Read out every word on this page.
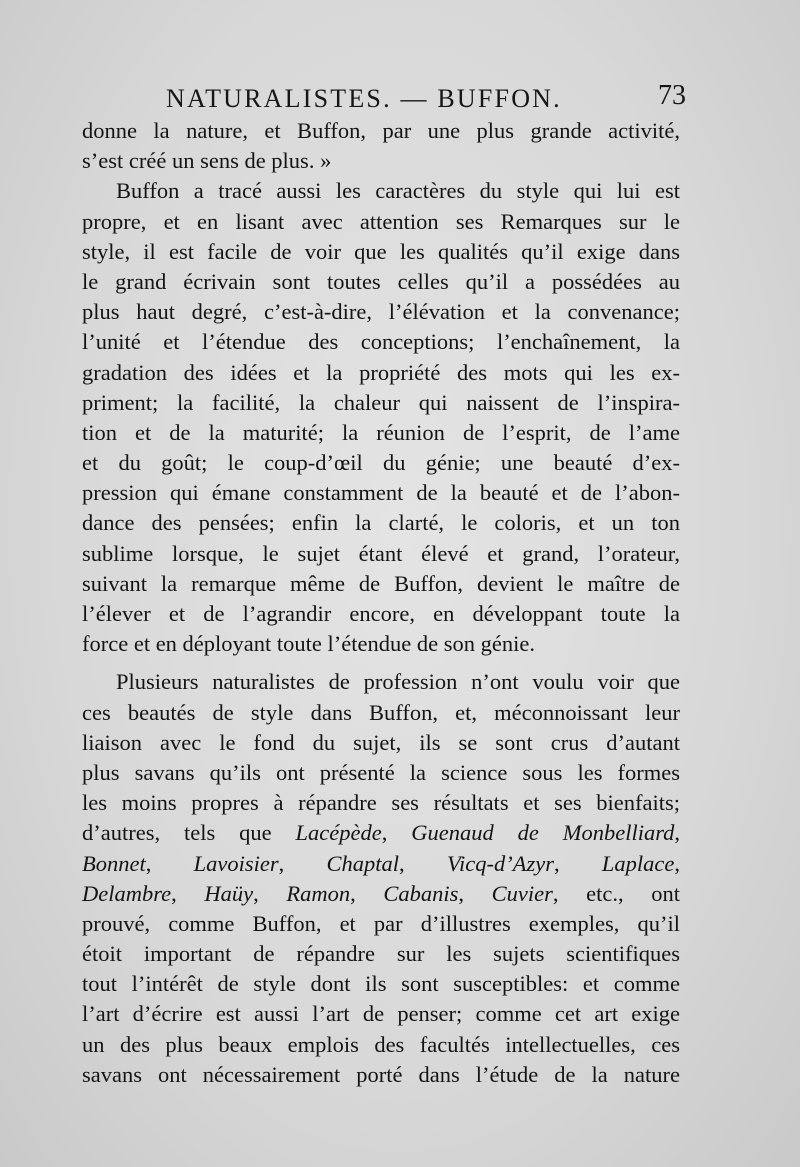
NATURALISTES. — BUFFON.	73
donne la nature, et Buffon, par une plus grande activité,
s’est créé un sens de plus. »
Buffon a tracé aussi les caractères du style qui lui est
propre, et en lisant avec attention ses Remarques sur le
style, il est facile de voir que les qualités qu’il exige dans
le grand écrivain sont toutes celles qu’il a possédées au
plus haut degré, c’est-à-dire, l’élévation et la convenance;
l’unité et l’étendue des conceptions; l’enchaînement, la
gradation des idées et la propriété des mots qui les ex-
priment; la facilité, la chaleur qui naissent de l’inspira-
tion et de la maturité; la réunion de l’esprit, de l’ame
et du goût; le coup-d’œil du génie; une beauté d’ex-
pression qui émane constamment de la beauté et de l’abon-
dance des pensées; enfin la clarté, le coloris, et un ton
sublime lorsque, le sujet étant élevé et grand, l’orateur,
suivant la remarque même de Buffon, devient le maître de
l’élever et de l’agrandir encore, en développant toute la
force et en déployant toute l’étendue de son génie.
Plusieurs naturalistes de profession n’ont voulu voir que
ces beautés de style dans Buffon, et, méconnoissant leur
liaison avec le fond du sujet, ils se sont crus d’autant
plus savans qu’ils ont présenté la science sous les formes
les moins propres à répandre ses résultats et ses bienfaits;
d’autres, tels que Lacépède, Guenaud de Monbelliard,
Bonnet, Lavoisier, Chaptal, Vicq-d’Azyr, Laplace,
Delambre, Haüy, Ramon, Cabanis, Cuvier, etc., ont
prouvé, comme Buffon, et par d’illustres exemples, qu’il
étoit important de répandre sur les sujets scientifiques
tout l’intérêt de style dont ils sont susceptibles: et comme
l’art d’écrire est aussi l’art de penser; comme cet art exige
un des plus beaux emplois des facultés intellectuelles, ces
savans ont nécessairement porté dans l’étude de la nature
